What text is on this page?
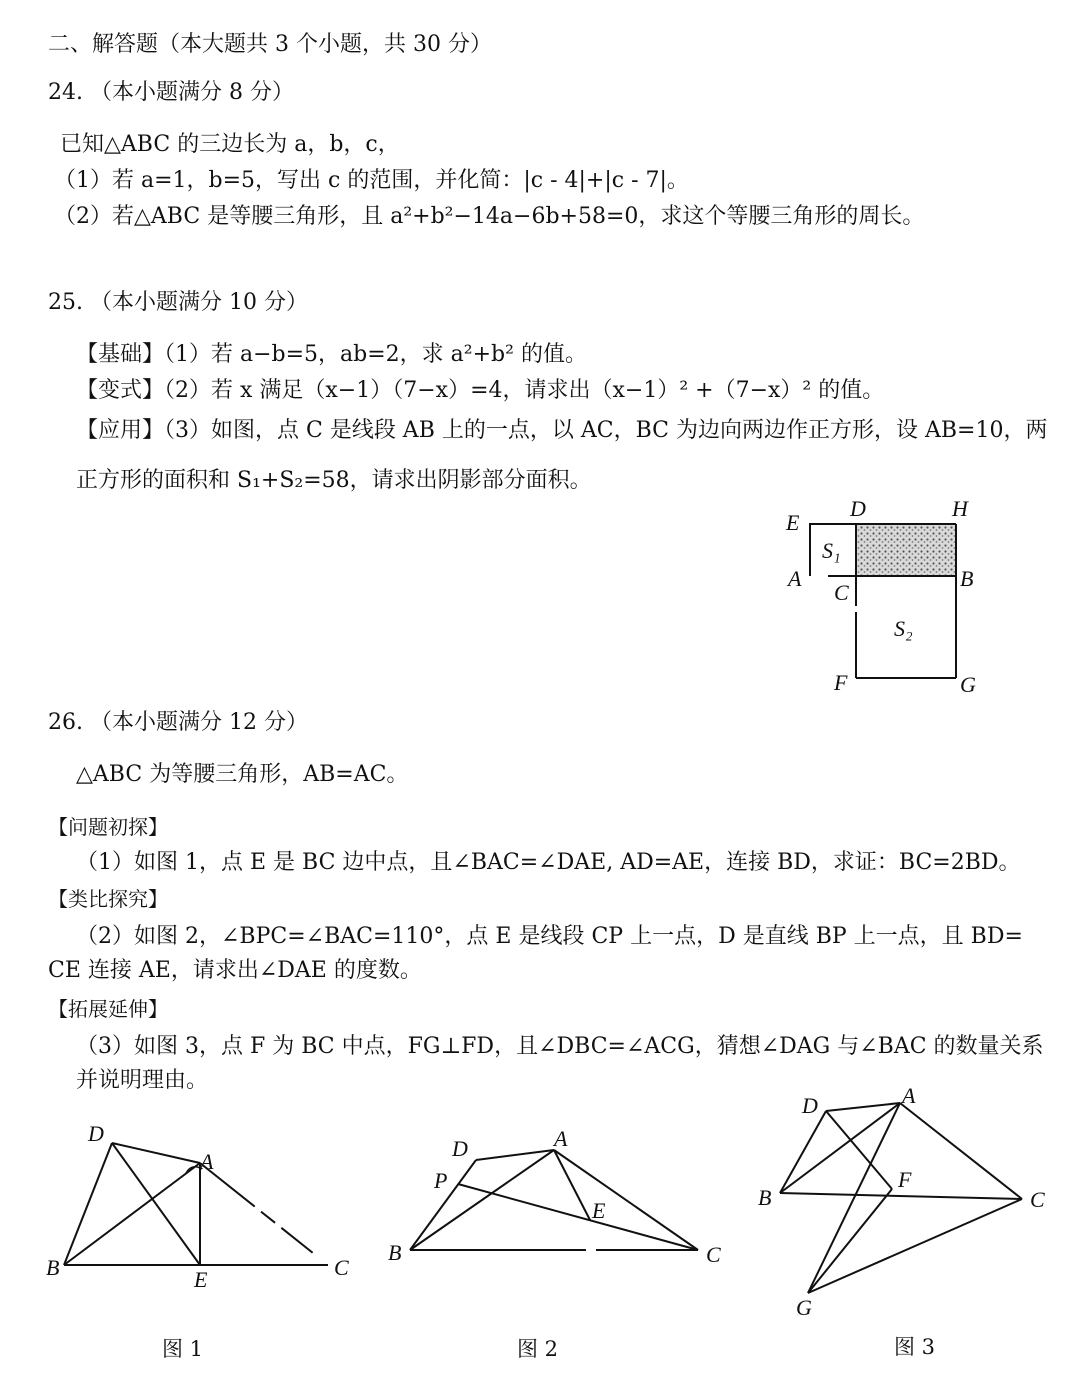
二、解答题（本大题共 3 个小题，共 30 分）
24. （本小题满分 8 分）
已知△ABC 的三边长为 a，b，c，
（1）若 a=1，b=5，写出 c 的范围，并化简：|c - 4|+|c - 7|。
（2）若△ABC 是等腰三角形，且 a²+b²−14a−6b+58=0，求这个等腰三角形的周长。
25. （本小题满分 10 分）
【基础】（1）若 a−b=5，ab=2，求 a²+b² 的值。
【变式】（2）若 x 满足（x−1）（7−x）=4，请求出（x−1）² +（7−x）² 的值。
【应用】（3）如图，点 C 是线段 AB 上的一点，以 AC，BC 为边向两边作正方形，设 AB=10，两
正方形的面积和 S₁+S₂=58，请求出阴影部分面积。
E
D	H
A
C
B
S₁
S₂
F	G
26. （本小题满分 12 分）
△ABC 为等腰三角形，AB=AC。
【问题初探】
（1）如图 1，点 E 是 BC 边中点，且∠BAC=∠DAE, AD=AE，连接 BD，求证：BC=2BD。
【类比探究】
（2）如图 2，∠BPC=∠BAC=110°，点 E 是线段 CP 上一点，D 是直线 BP 上一点，且 BD=
CE 连接 AE，请求出∠DAE 的度数。
【拓展延伸】
（3）如图 3，点 F 为 BC 中点，FG⊥FD，且∠DBC=∠ACG，猜想∠DAG 与∠BAC 的数量关系
并说明理由。
D
A
B	E	C
图 1
D	A
P
E
B	C
图 2
D	A
B
F
C
G
图 3
